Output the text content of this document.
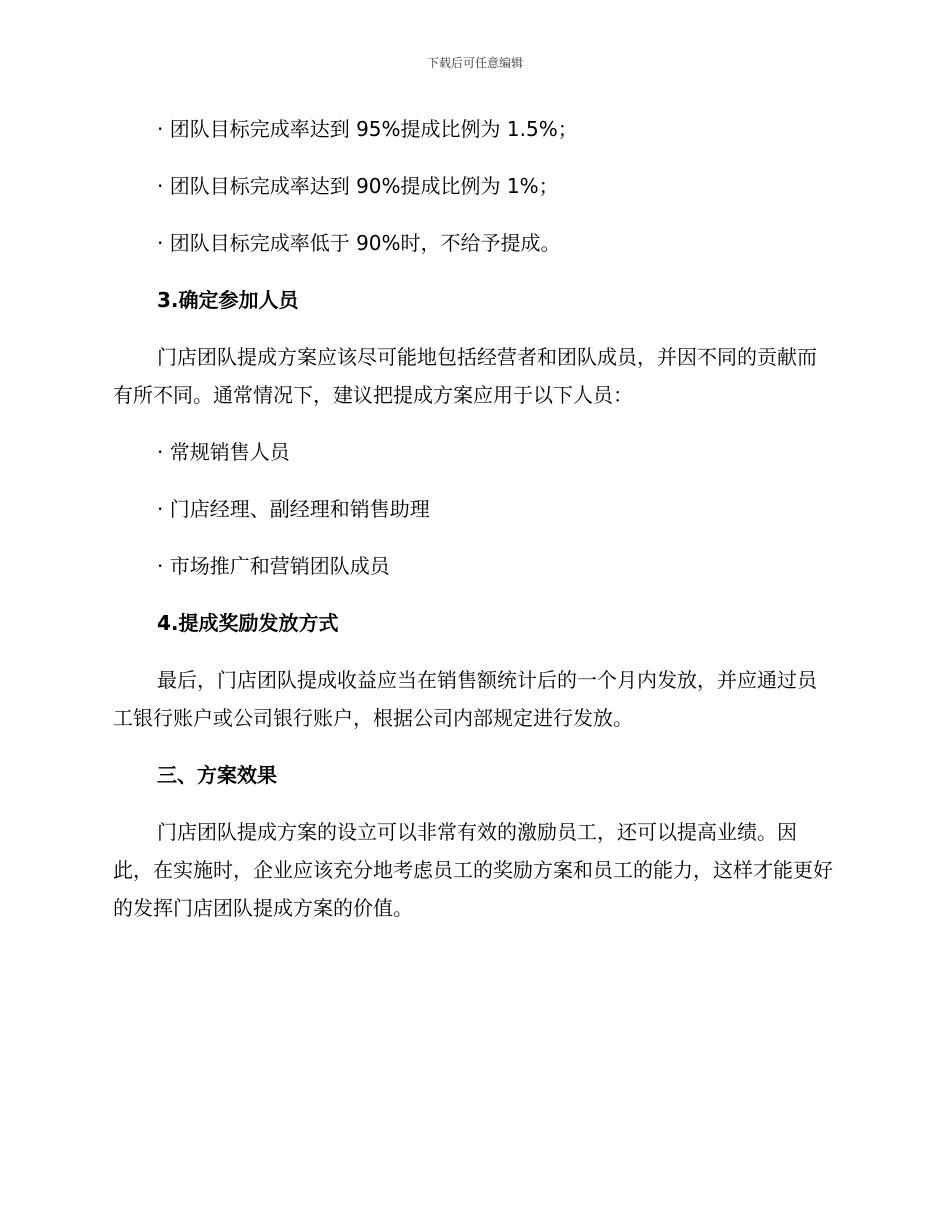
下载后可任意编辑

· 团队目标完成率达到 95%提成比例为 1.5%；

· 团队目标完成率达到 90%提成比例为 1%；

· 团队目标完成率低于 90%时，不给予提成。

3.确定参加人员

门店团队提成方案应该尽可能地包括经营者和团队成员，并因不同的贡献而有所不同。通常情况下，建议把提成方案应用于以下人员：

· 常规销售人员

· 门店经理、副经理和销售助理

· 市场推广和营销团队成员

4.提成奖励发放方式

最后，门店团队提成收益应当在销售额统计后的一个月内发放，并应通过员工银行账户或公司银行账户，根据公司内部规定进行发放。

三、方案效果

门店团队提成方案的设立可以非常有效的激励员工，还可以提高业绩。因此，在实施时，企业应该充分地考虑员工的奖励方案和员工的能力，这样才能更好的发挥门店团队提成方案的价值。
